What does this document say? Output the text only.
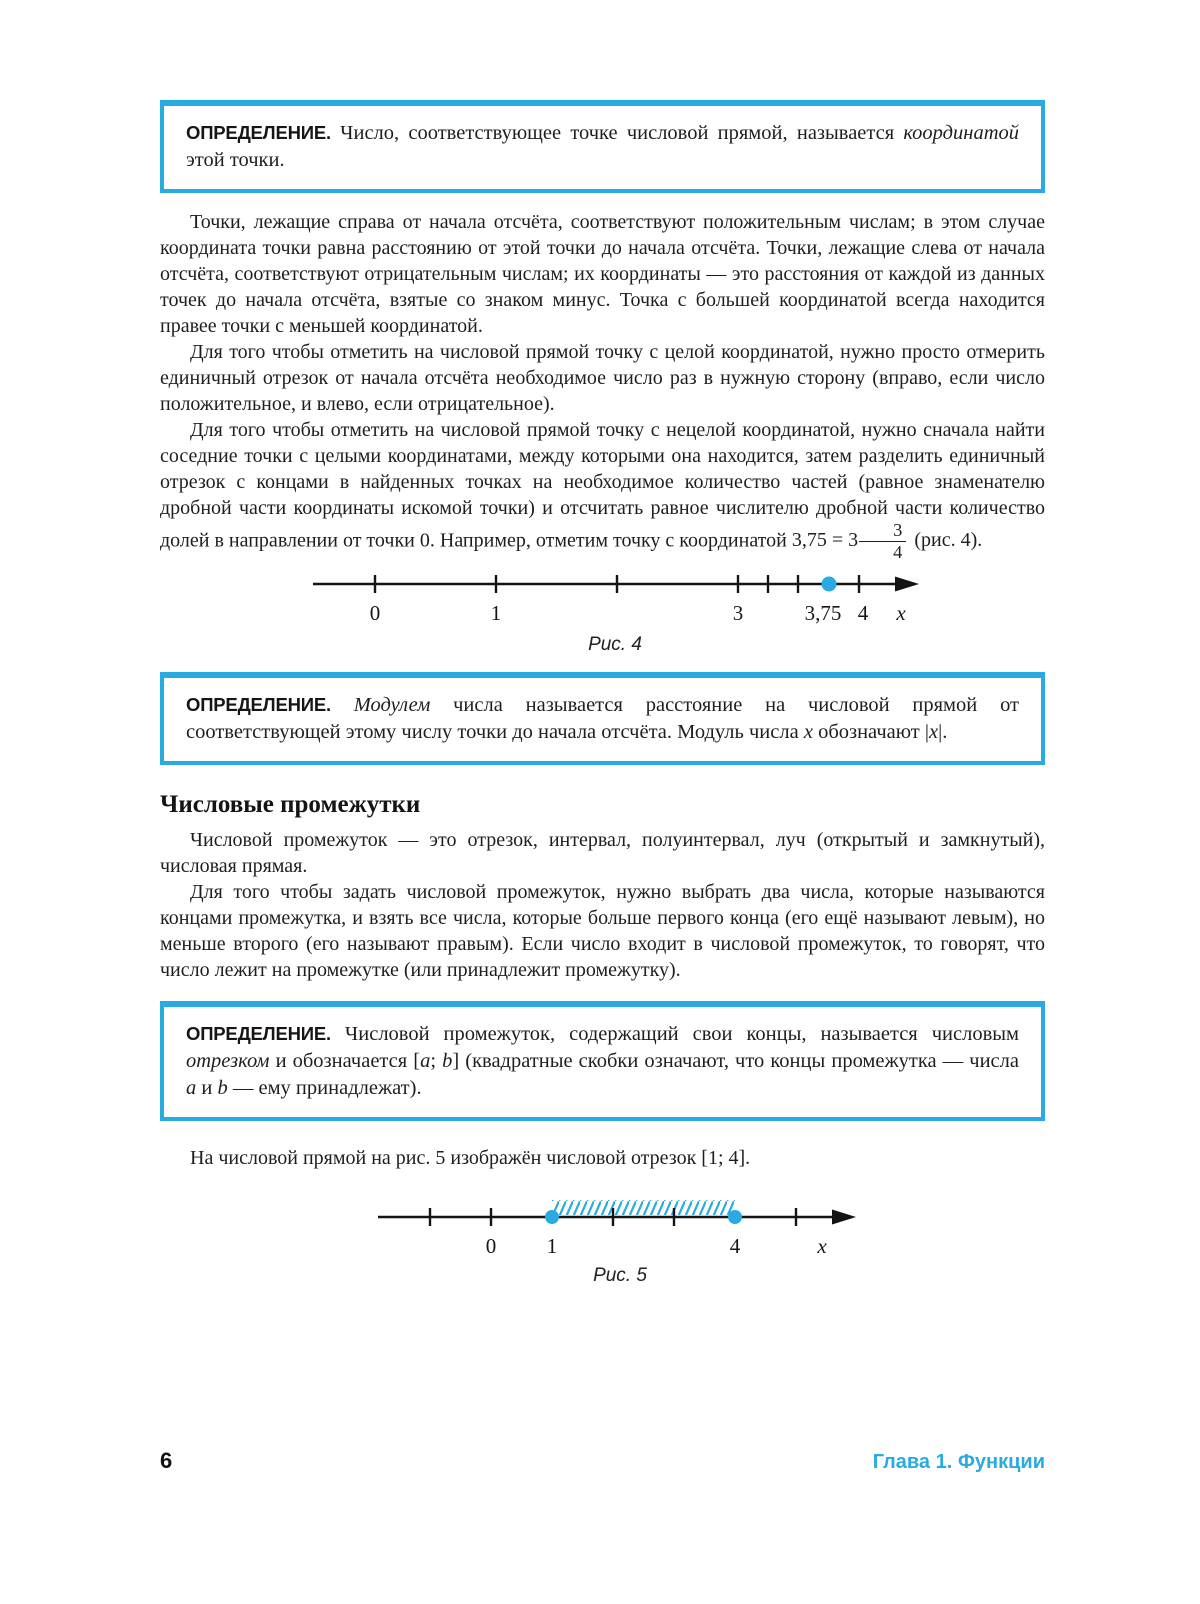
ОПРЕДЕЛЕНИЕ. Число, соответствующее точке числовой прямой, называется координатой этой точки.

Точки, лежащие справа от начала отсчёта, соответствуют положительным числам; в этом случае координата точки равна расстоянию от этой точки до начала отсчёта. Точки, лежащие слева от начала отсчёта, соответствуют отрицательным числам; их координаты — это расстояния от каждой из данных точек до начала отсчёта, взятые со знаком минус. Точка с большей координатой всегда находится правее точки с меньшей координатой.

Для того чтобы отметить на числовой прямой точку с целой координатой, нужно просто отмерить единичный отрезок от начала отсчёта необходимое число раз в нужную сторону (вправо, если число положительное, и влево, если отрицательное).

Для того чтобы отметить на числовой прямой точку с нецелой координатой, нужно сначала найти соседние точки с целыми координатами, между которыми она находится, затем разделить единичный отрезок с концами в найденных точках на необходимое количество частей (равное знаменателю дробной части координаты искомой точки) и отсчитать равное числителю дробной части количество долей в направлении от точки 0. Например, отметим точку с координатой $3,75 = 3 \frac{3}{4} (рис$. 4).

0	1	3	3,75 4 x
Рис. 4

ОПРЕДЕЛЕНИЕ. Модулем числа называется расстояние на числовой прямой от соответствующей этому числу точки до начала отсчёта. Модуль числа x обозначают |x|.

Числовые промежутки

Числовой промежуток — это отрезок, интервал, полуинтервал, луч (открытый и замкнутый), числовая прямая.

Для того чтобы задать числовой промежуток, нужно выбрать два числа, которые называются концами промежутка, и взять все числа, которые больше первого конца (его ещё называют левым), но меньше второго (его называют правым). Если число входит в числовой промежуток, то говорят, что число лежит на промежутке (или принадлежит промежутку).

ОПРЕДЕЛЕНИЕ. Числовой промежуток, содержащий свои концы, называется числовым отрезком и обозначается [a; b] (квадратные скобки означают, что концы промежутка — числа a и b — ему принадлежат).

На числовой прямой на рис. 5 изображён числовой отрезок [1; 4].

0 1	4	x
Рис. 5
6	Глава 1. Функции
